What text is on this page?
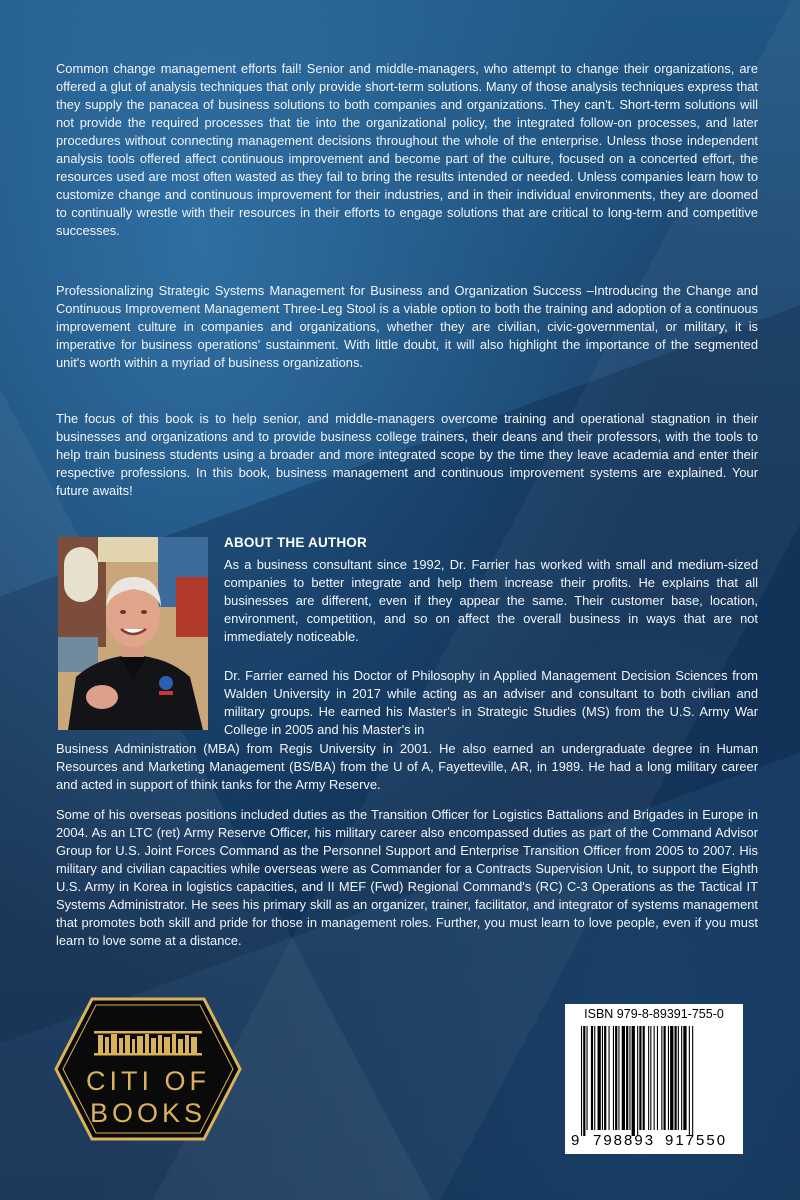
Common change management efforts fail! Senior and middle-managers, who attempt to change their organizations, are offered a glut of analysis techniques that only provide short-term solutions. Many of those analysis techniques express that they supply the panacea of business solutions to both companies and organizations. They can't. Short-term solutions will not provide the required processes that tie into the organizational policy, the integrated follow-on processes, and later procedures without connecting management decisions throughout the whole of the enterprise. Unless those independent analysis tools offered affect continuous improvement and become part of the culture, focused on a concerted effort, the resources used are most often wasted as they fail to bring the results intended or needed. Unless companies learn how to customize change and continuous improvement for their industries, and in their individual environments, they are doomed to continually wrestle with their resources in their efforts to engage solutions that are critical to long-term and competitive successes.

Professionalizing Strategic Systems Management for Business and Organization Success –Introducing the Change and Continuous Improvement Management Three-Leg Stool is a viable option to both the training and adoption of a continuous improvement culture in companies and organizations, whether they are civilian, civic-governmental, or military, it is imperative for business operations' sustainment. With little doubt, it will also highlight the importance of the segmented unit's worth within a myriad of business organizations.

The focus of this book is to help senior, and middle-managers overcome training and operational stagnation in their businesses and organizations and to provide business college trainers, their deans and their professors, with the tools to help train business students using a broader and more integrated scope by the time they leave academia and enter their respective professions. In this book, business management and continuous improvement systems are explained. Your future awaits!

ABOUT THE AUTHOR

As a business consultant since 1992, Dr. Farrier has worked with small and medium-sized companies to better integrate and help them increase their profits. He explains that all businesses are different, even if they appear the same. Their customer base, location, environment, competition, and so on affect the overall business in ways that are not immediately noticeable.

Dr. Farrier earned his Doctor of Philosophy in Applied Management Decision Sciences from Walden University in 2017 while acting as an adviser and consultant to both civilian and military groups. He earned his Master's in Strategic Studies (MS) from the U.S. Army War College in 2005 and his Master's in

Business Administration (MBA) from Regis University in 2001. He also earned an undergraduate degree in Human Resources and Marketing Management (BS/BA) from the U of A, Fayetteville, AR, in 1989. He had a long military career and acted in support of think tanks for the Army Reserve.

Some of his overseas positions included duties as the Transition Officer for Logistics Battalions and Brigades in Europe in 2004. As an LTC (ret) Army Reserve Officer, his military career also encompassed duties as part of the Command Advisor Group for U.S. Joint Forces Command as the Personnel Support and Enterprise Transition Officer from 2005 to 2007. His military and civilian capacities while overseas were as Commander for a Contracts Supervision Unit, to support the Eighth U.S. Army in Korea in logistics capacities, and II MEF (Fwd) Regional Command's (RC) C-3 Operations as the Tactical IT Systems Administrator. He sees his primary skill as an organizer, trainer, facilitator, and integrator of systems management that promotes both skill and pride for those in management roles. Further, you must learn to love people, even if you must learn to love some at a distance.

CITI OF
BOOKS

ISBN 979-8-89391-755-0

9 798893 917550
